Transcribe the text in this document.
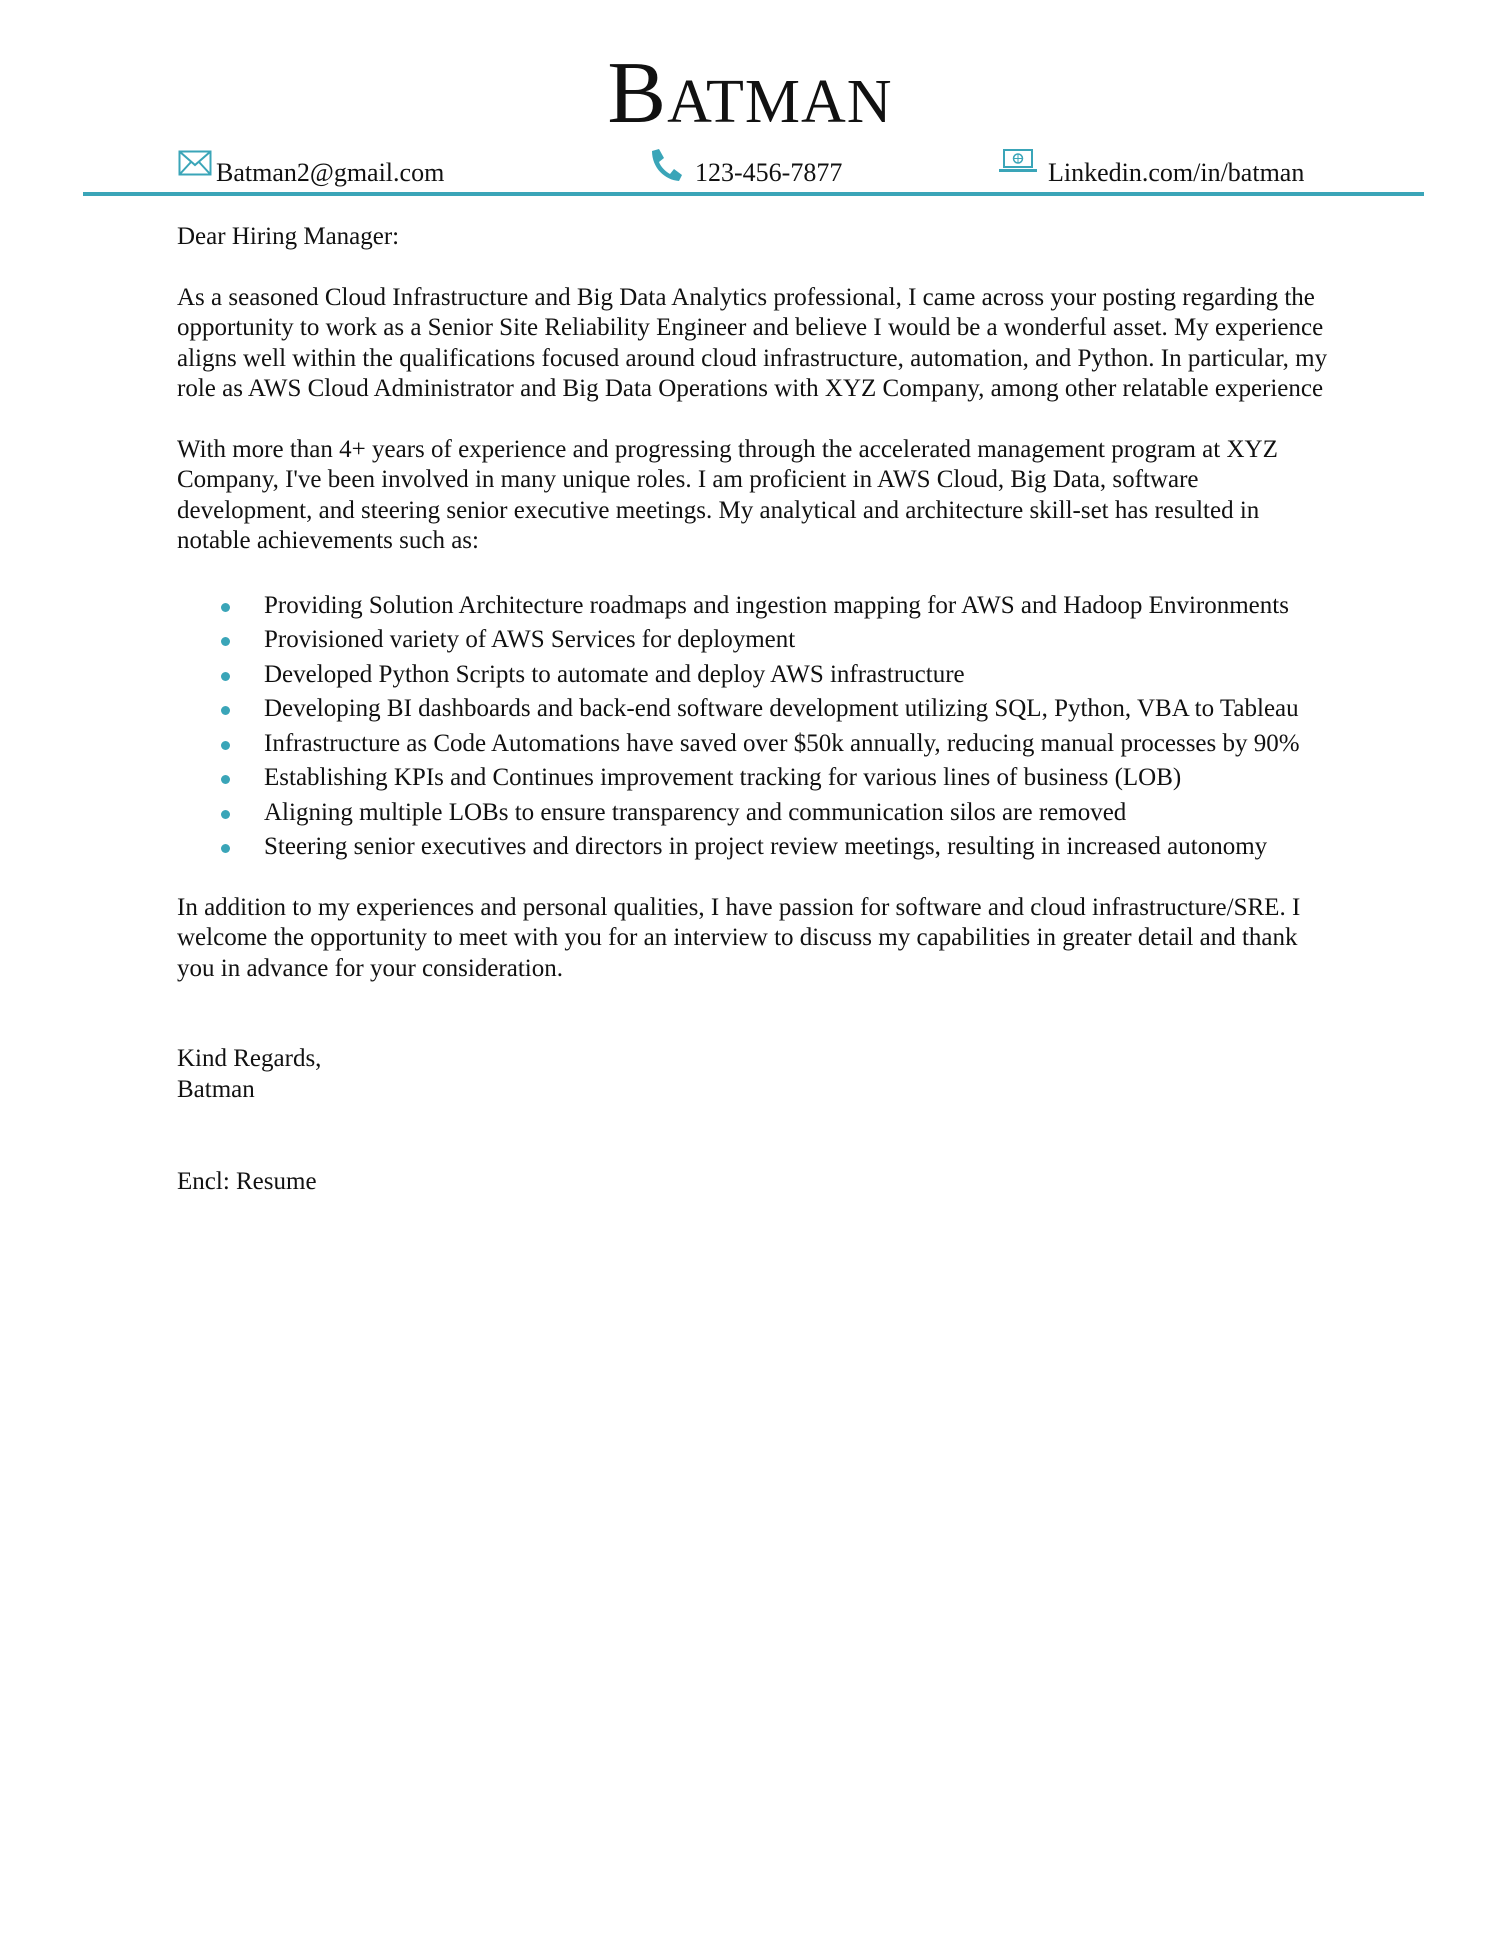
Batman
Batman2@gmail.com	123-456-7877	Linkedin.com/in/batman

Dear Hiring Manager:

As a seasoned Cloud Infrastructure and Big Data Analytics professional, I came across your posting regarding the opportunity to work as a Senior Site Reliability Engineer and believe I would be a wonderful asset. My experience aligns well within the qualifications focused around cloud infrastructure, automation, and Python. In particular, my role as AWS Cloud Administrator and Big Data Operations with XYZ Company, among other relatable experience

With more than 4+ years of experience and progressing through the accelerated management program at XYZ Company, I've been involved in many unique roles. I am proficient in AWS Cloud, Big Data, software development, and steering senior executive meetings. My analytical and architecture skill-set has resulted in notable achievements such as:

Providing Solution Architecture roadmaps and ingestion mapping for AWS and Hadoop Environments
Provisioned variety of AWS Services for deployment
Developed Python Scripts to automate and deploy AWS infrastructure
Developing BI dashboards and back-end software development utilizing SQL, Python, VBA to Tableau
Infrastructure as Code Automations have saved over $50k annually, reducing manual processes by 90%
Establishing KPIs and Continues improvement tracking for various lines of business (LOB)
Aligning multiple LOBs to ensure transparency and communication silos are removed
Steering senior executives and directors in project review meetings, resulting in increased autonomy

In addition to my experiences and personal qualities, I have passion for software and cloud infrastructure/SRE. I welcome the opportunity to meet with you for an interview to discuss my capabilities in greater detail and thank you in advance for your consideration.

Kind Regards,

Batman

Encl: Resume
